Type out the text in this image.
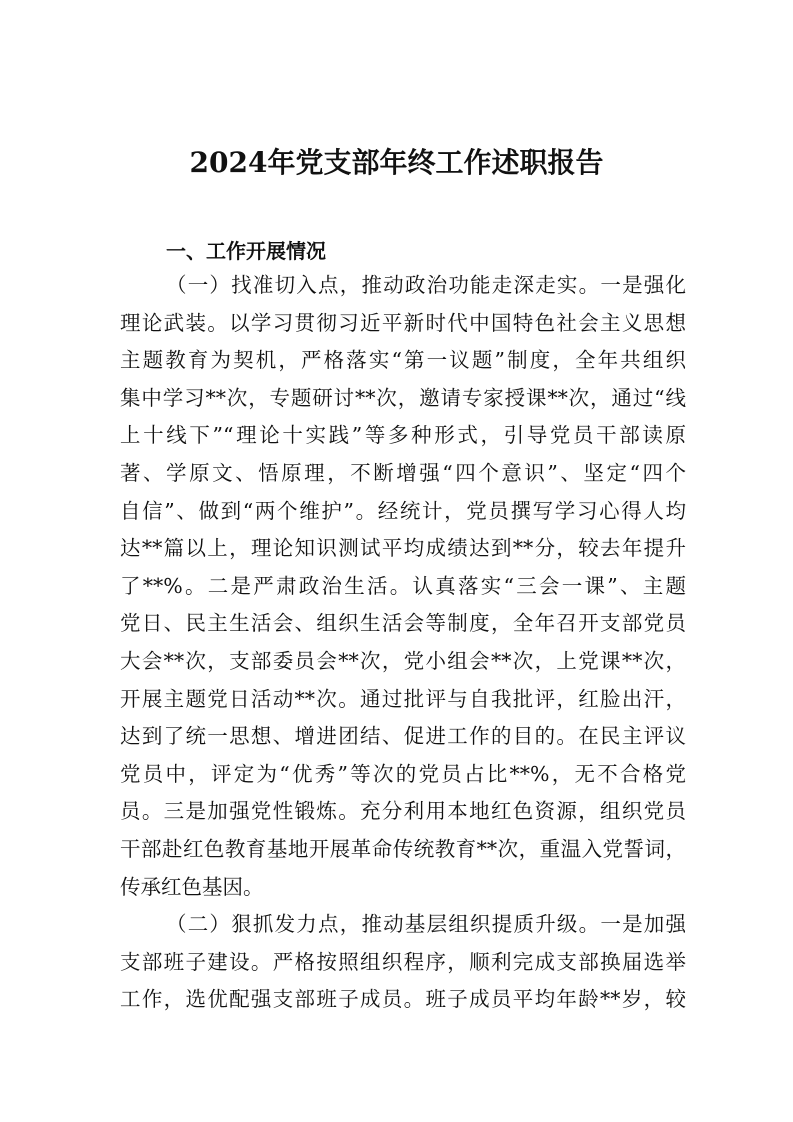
2024年党支部年终工作述职报告
一、工作开展情况
（一）找准切入点，推动政治功能走深走实。一是强化
理论武装。以学习贯彻习近平新时代中国特色社会主义思想
主题教育为契机，严格落实“第一议题”制度，全年共组织
集中学习**次，专题研讨**次，邀请专家授课**次，通过“线
上十线下”“理论十实践”等多种形式，引导党员干部读原
著、学原文、悟原理，不断增强“四个意识”、坚定“四个
自信”、做到“两个维护”。经统计，党员撰写学习心得人均
达**篇以上，理论知识测试平均成绩达到**分，较去年提升
了**%。二是严肃政治生活。认真落实“三会一课”、主题
党日、民主生活会、组织生活会等制度，全年召开支部党员
大会**次，支部委员会**次，党小组会**次，上党课**次，
开展主题党日活动**次。通过批评与自我批评，红脸出汗，
达到了统一思想、增进团结、促进工作的目的。在民主评议
党员中，评定为“优秀”等次的党员占比**%，无不合格党
员。三是加强党性锻炼。充分利用本地红色资源，组织党员
干部赴红色教育基地开展革命传统教育**次，重温入党誓词，
传承红色基因。
（二）狠抓发力点，推动基层组织提质升级。一是加强
支部班子建设。严格按照组织程序，顺利完成支部换届选举
工作，选优配强支部班子成员。班子成员平均年龄**岁，较
